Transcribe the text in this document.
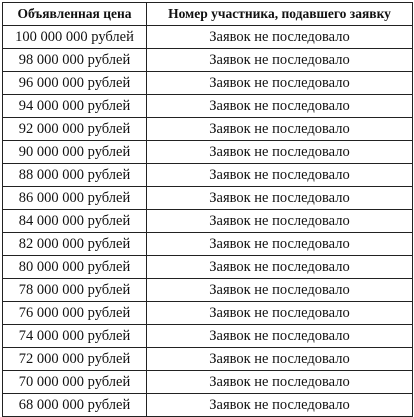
Объявленная цена	Номер участника, подавшего заявку
100 000 000 рублей	Заявок не последовало
98 000 000 рублей	Заявок не последовало
96 000 000 рублей	Заявок не последовало
94 000 000 рублей	Заявок не последовало
92 000 000 рублей	Заявок не последовало
90 000 000 рублей	Заявок не последовало
88 000 000 рублей	Заявок не последовало
86 000 000 рублей	Заявок не последовало
84 000 000 рублей	Заявок не последовало
82 000 000 рублей	Заявок не последовало
80 000 000 рублей	Заявок не последовало
78 000 000 рублей	Заявок не последовало
76 000 000 рублей	Заявок не последовало
74 000 000 рублей	Заявок не последовало
72 000 000 рублей	Заявок не последовало
70 000 000 рублей	Заявок не последовало
68 000 000 рублей	Заявок не последовало
